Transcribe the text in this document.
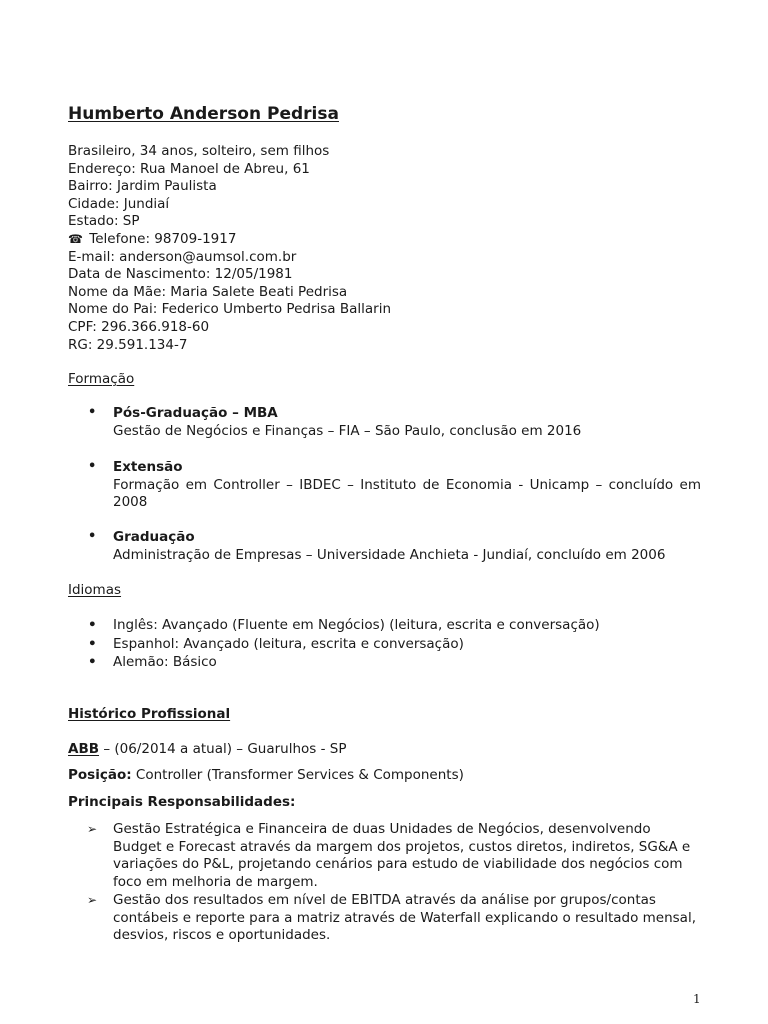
Humberto Anderson Pedrisa
Brasileiro, 34 anos, solteiro, sem filhos
Endereço: Rua Manoel de Abreu, 61
Bairro: Jardim Paulista
Cidade: Jundiaí
Estado: SP
☎ Telefone: 98709-1917
E-mail: anderson@aumsol.com.br
Data de Nascimento: 12/05/1981
Nome da Mãe: Maria Salete Beati Pedrisa
Nome do Pai: Federico Umberto Pedrisa Ballarin
CPF: 296.366.918-60
RG: 29.591.134-7
Formação
• Pós-Graduação – MBA
Gestão de Negócios e Finanças – FIA – São Paulo, conclusão em 2016
• Extensão
Formação em Controller – IBDEC – Instituto de Economia - Unicamp – concluído em 2008
• Graduação
Administração de Empresas – Universidade Anchieta - Jundiaí, concluído em 2006
Idiomas
• Inglês: Avançado (Fluente em Negócios) (leitura, escrita e conversação)
• Espanhol: Avançado (leitura, escrita e conversação)
• Alemão: Básico
Histórico Profissional
ABB – (06/2014 a atual) – Guarulhos - SP
Posição: Controller (Transformer Services & Components)
Principais Responsabilidades:
➢ Gestão Estratégica e Financeira de duas Unidades de Negócios, desenvolvendo Budget e Forecast através da margem dos projetos, custos diretos, indiretos, SG&A e variações do P&L, projetando cenários para estudo de viabilidade dos negócios com foco em melhoria de margem.
➢ Gestão dos resultados em nível de EBITDA através da análise por grupos/contas contábeis e reporte para a matriz através de Waterfall explicando o resultado mensal, desvios, riscos e oportunidades.
1
